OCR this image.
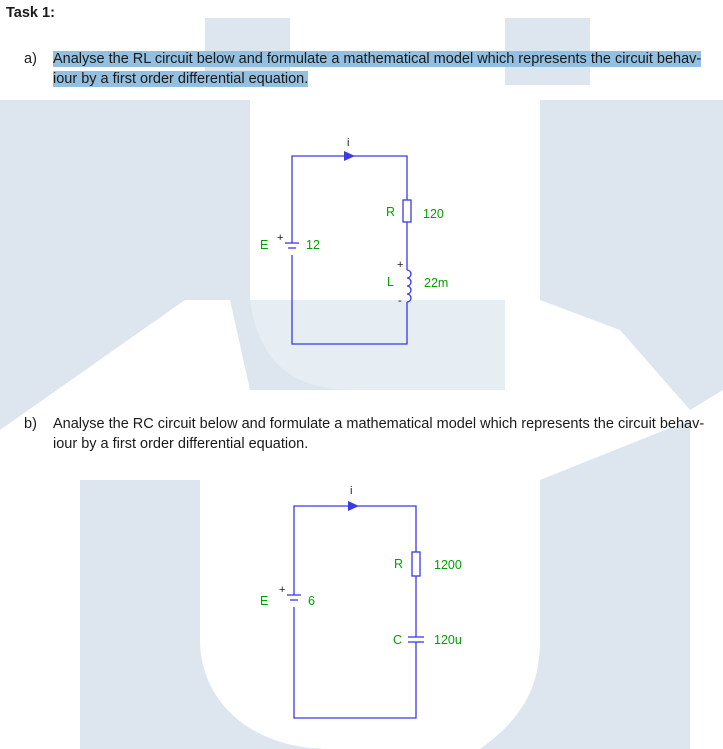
Task 1:
a) Analyse the RL circuit below and formulate a mathematical model which represents the circuit behav-
iour by a first order differential equation.
i
E + 12
R 120
+
L
-
22m
b) Analyse the RC circuit below and formulate a mathematical model which represents the circuit behav-
iour by a first order differential equation.
i
E
+
6
R 1200
C	120u
